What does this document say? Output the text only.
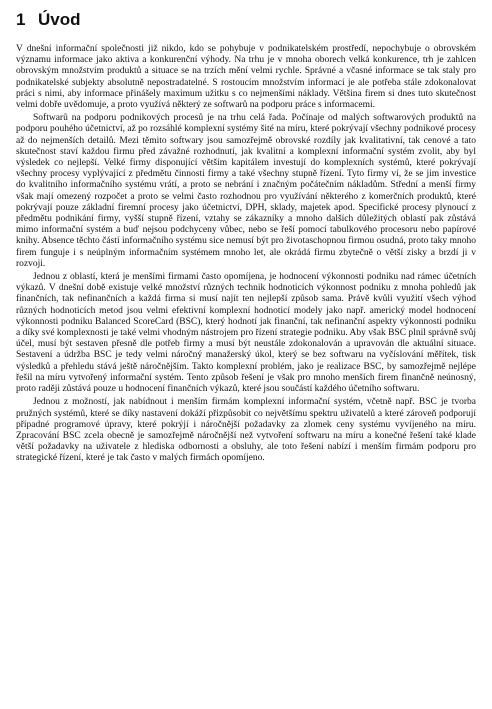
1 Úvod

V dnešní informační společnosti již nikdo, kdo se pohybuje v podnikatelském prostředí, nepochybuje o obrovském významu informace jako aktiva a konkurenční výhody. Na trhu je v mnoha oborech velká konkurence, trh je zahlcen obrovským množstvím produktů a situace se na trzích mění velmi rychle. Správné a včasné informace se tak staly pro podnikatelské subjekty absolutně nepostradatelné. S rostoucím množstvím informací je ale potřeba stále zdokonalovat práci s nimi, aby informace přinášely maximum užitku s co nejmenšími náklady. Většina firem si dnes tuto skutečnost velmi dobře uvědomuje, a proto využívá některý ze softwarů na podporu práce s informacemi.

Softwarů na podporu podnikových procesů je na trhu celá řada. Počínaje od malých softwarových produktů na podporu pouhého účetnictví, až po rozsáhlé komplexní systémy šité na míru, které pokrývají všechny podnikové procesy až do nejmenších detailů. Mezi těmito softwary jsou samozřejmě obrovské rozdíly jak kvalitativní, tak cenové a tato skutečnost staví každou firmu před závažné rozhodnutí, jak kvalitní a komplexní informační systém zvolit, aby byl výsledek co nejlepší. Velké firmy disponující větším kapitálem investují do komplexních systémů, které pokrývají všechny procesy vyplývající z předmětu činnosti firmy a také všechny stupně řízení. Tyto firmy ví, že se jim investice do kvalitního informačního systému vrátí, a proto se nebrání i značným počátečním nákladům. Střední a menší firmy však mají omezený rozpočet a proto se velmi často rozhodnou pro využívání některého z komerčních produktů, které pokrývají pouze základní firemní procesy jako účetnictví, DPH, sklady, majetek apod. Specifické procesy plynoucí z předmětu podnikání firmy, vyšší stupně řízení, vztahy se zákazníky a mnoho dalších důležitých oblastí pak zůstává mimo informační systém a buď nejsou podchyceny vůbec, nebo se řeší pomocí tabulkového procesoru nebo papírové knihy. Absence těchto částí informačního systému sice nemusí být pro životaschopnou firmou osudná, proto taky mnoho firem funguje i s neúplným informačním systémem mnoho let, ale okrádá firmu zbytečně o větší zisky a brzdí ji v rozvoji.

Jednou z oblastí, která je menšími firmami často opomíjena, je hodnocení výkonnosti podniku nad rámec účetních výkazů. V dnešní době existuje velké množství různých technik hodnoticích výkonnost podniku z mnoha pohledů jak finančních, tak nefinančních a každá firma si musí najít ten nejlepší způsob sama. Právě kvůli využití všech výhod různých hodnoticích metod jsou velmi efektivní komplexní hodnoticí modely jako např. americký model hodnocení výkonnosti podniku Balanced ScoreCard (BSC), který hodnotí jak finanční, tak nefinanční aspekty výkonnosti podniku a díky své komplexnosti je také velmi vhodným nástrojem pro řízení strategie podniku. Aby však BSC plnil správně svůj účel, musí být sestaven přesně dle potřeb firmy a musí být neustále zdokonalován a upravován dle aktuální situace. Sestavení a údržba BSC je tedy velmi náročný manažerský úkol, který se bez softwaru na vyčíslování měřítek, tisk výsledků a přehledu stává ještě náročnějším. Takto komplexní problém, jako je realizace BSC, by samozřejmě nejlépe řešil na míru vytvořený informační systém. Tento způsob řešení je však pro mnoho menších firem finančně neúnosný, proto raději zůstává pouze u hodnocení finančních výkazů, které jsou součástí každého účetního softwaru.

Jednou z možností, jak nabídnout i menším firmám komplexní informační systém, včetně např. BSC je tvorba pružných systémů, které se díky nastavení dokáží přizpůsobit co největšímu spektru uživatelů a které zároveň podporují případné programové úpravy, které pokrýjí i náročnější požadavky za zlomek ceny systému vyvíjeného na míru. Zpracování BSC zcela obecně je samozřejmě náročnější než vytvoření softwaru na míru a konečné řešení také klade větší požadavky na uživatele z hlediska odbornosti a obsluhy, ale toto řešení nabízí i menším firmám podporu pro strategické řízení, které je tak často v malých firmách opomíjeno.
